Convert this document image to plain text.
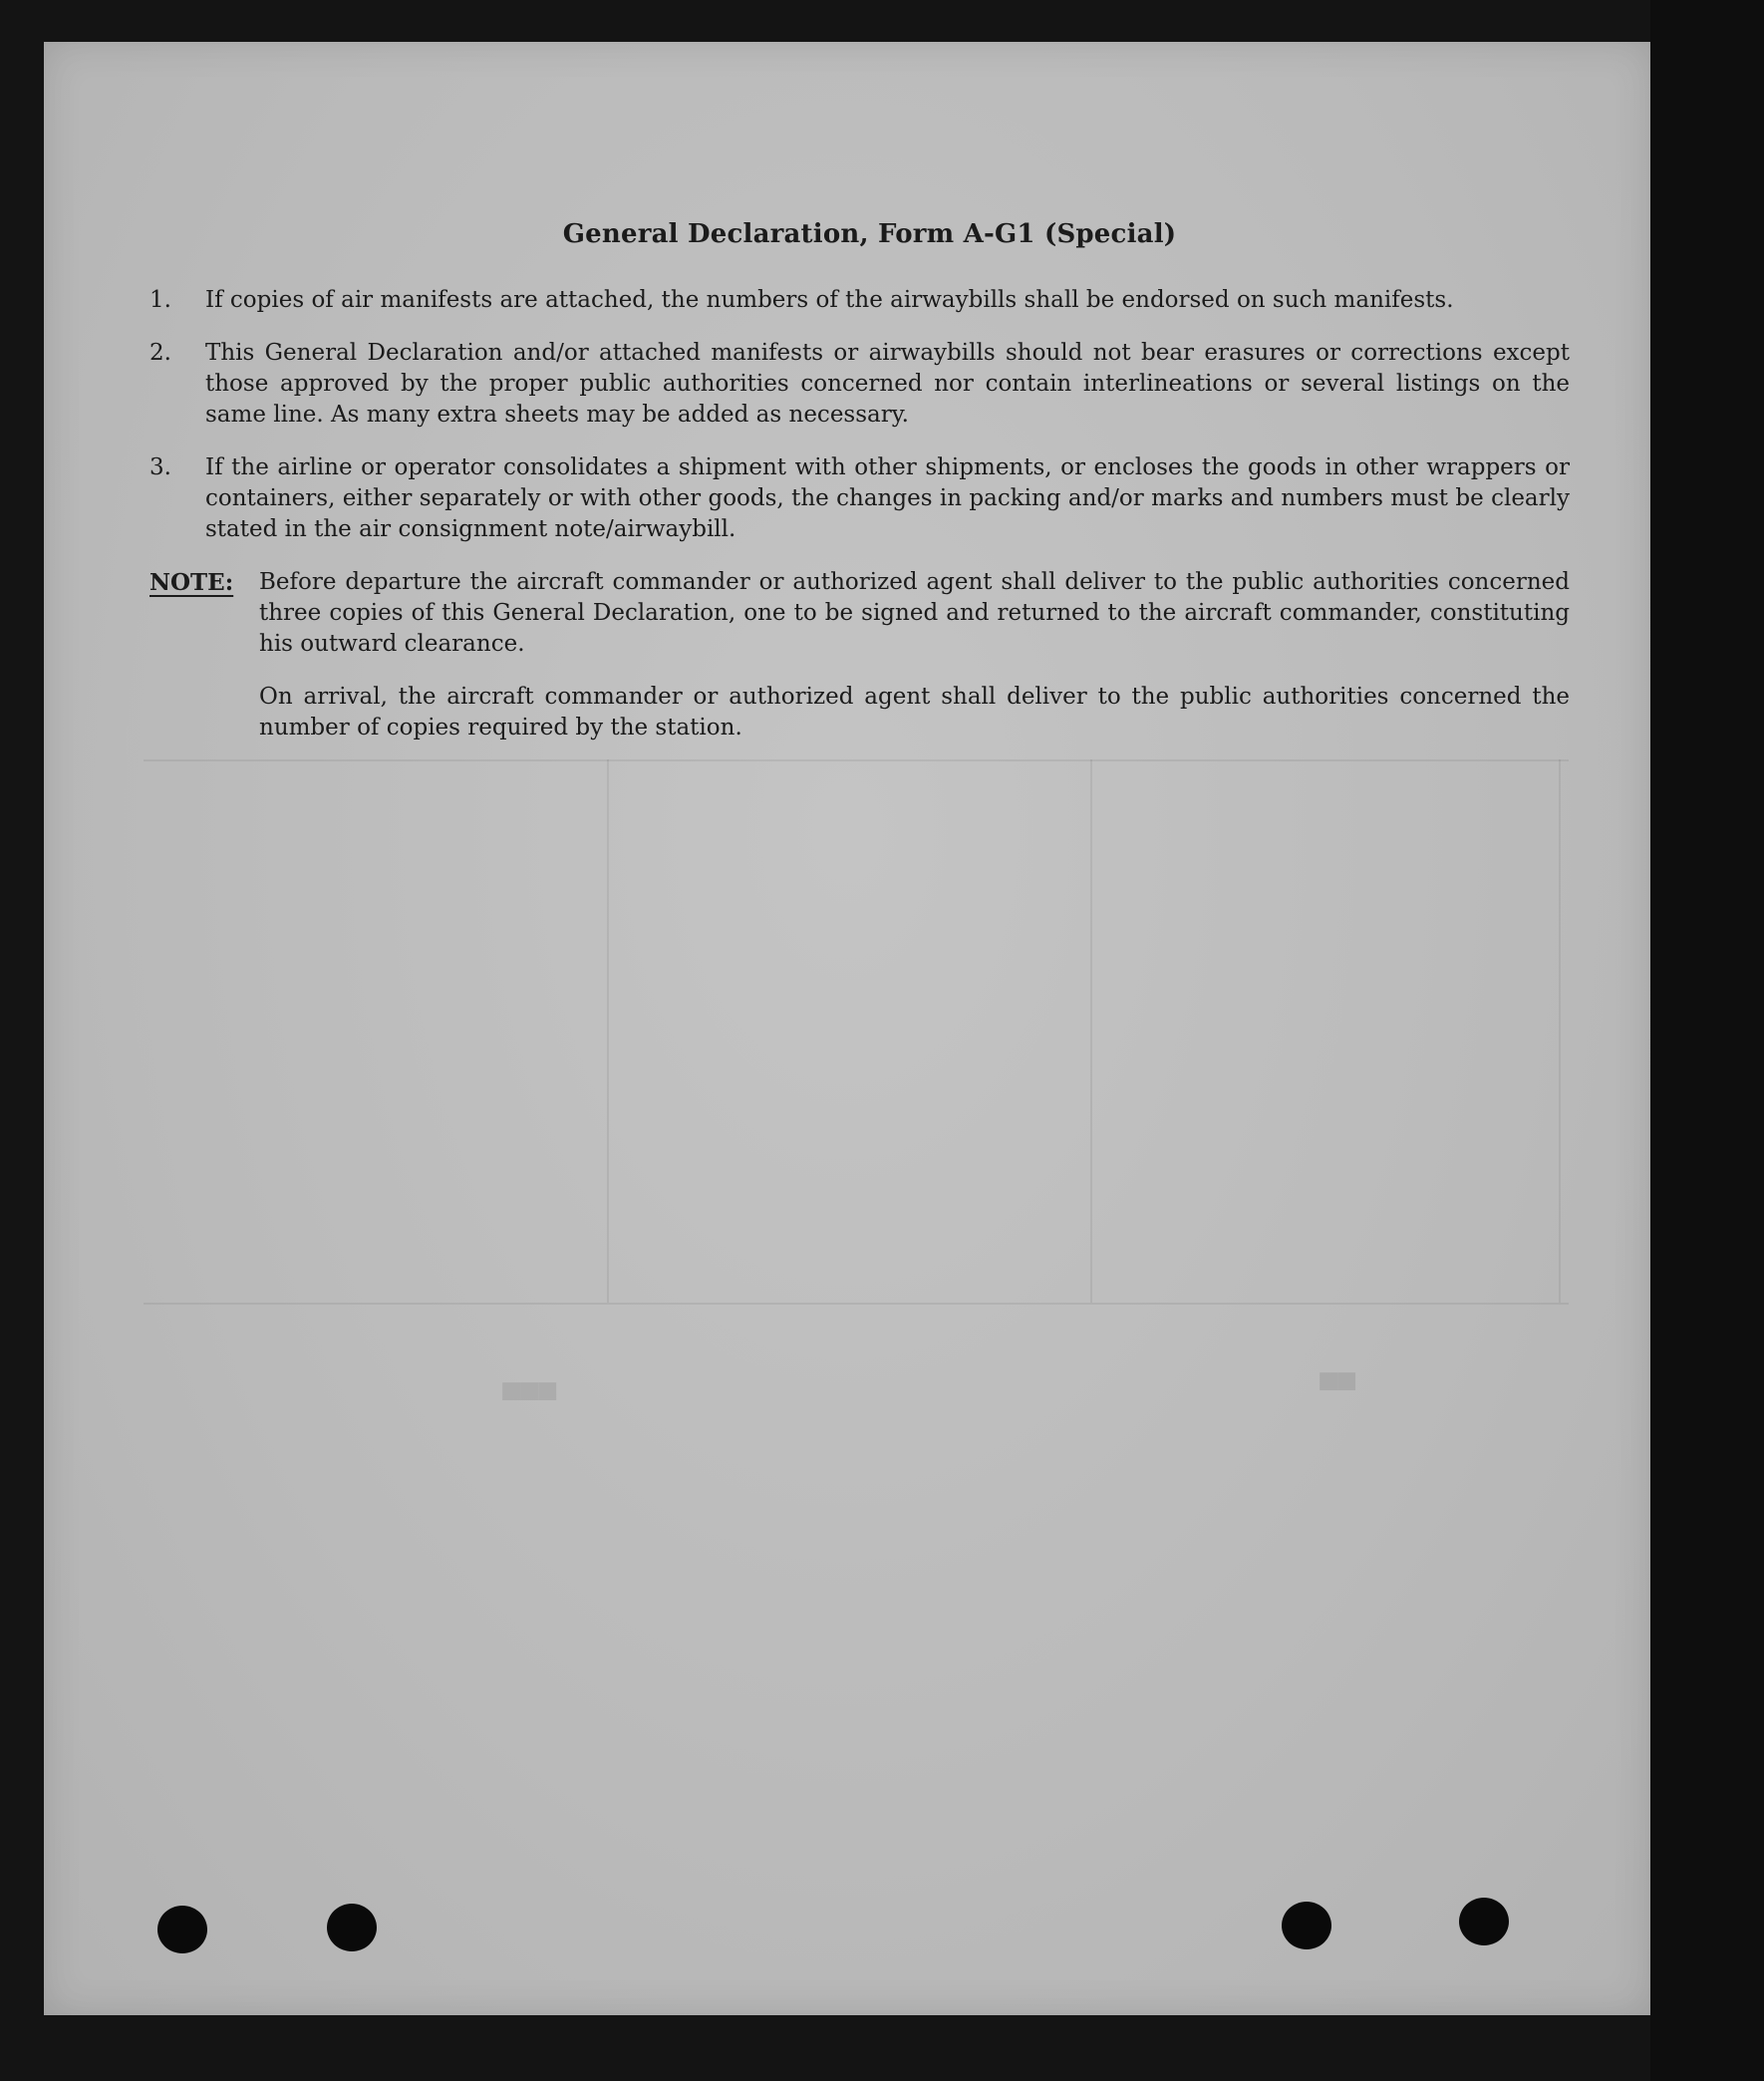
■■■	■■
General Declaration, Form A-G1 (Special)
1.	If copies of air manifests are attached, the numbers of the airwaybills shall be endorsed on such manifests.
2.	This General Declaration and/or attached manifests or airwaybills should not bear erasures or corrections except those approved by the proper public authorities concerned nor contain interlineations or several listings on the same line. As many extra sheets may be added as necessary.
3.	If the airline or operator consolidates a shipment with other shipments, or encloses the goods in other wrappers or containers, either separately or with other goods, the changes in packing and/or marks and numbers must be clearly stated in the air consignment note/airwaybill.
NOTE:	Before departure the aircraft commander or authorized agent shall deliver to the public authorities concerned three copies of this General Declaration, one to be signed and returned to the aircraft commander, constituting his outward clearance.
On arrival, the aircraft commander or authorized agent shall deliver to the public authorities concerned the number of copies required by the station.
